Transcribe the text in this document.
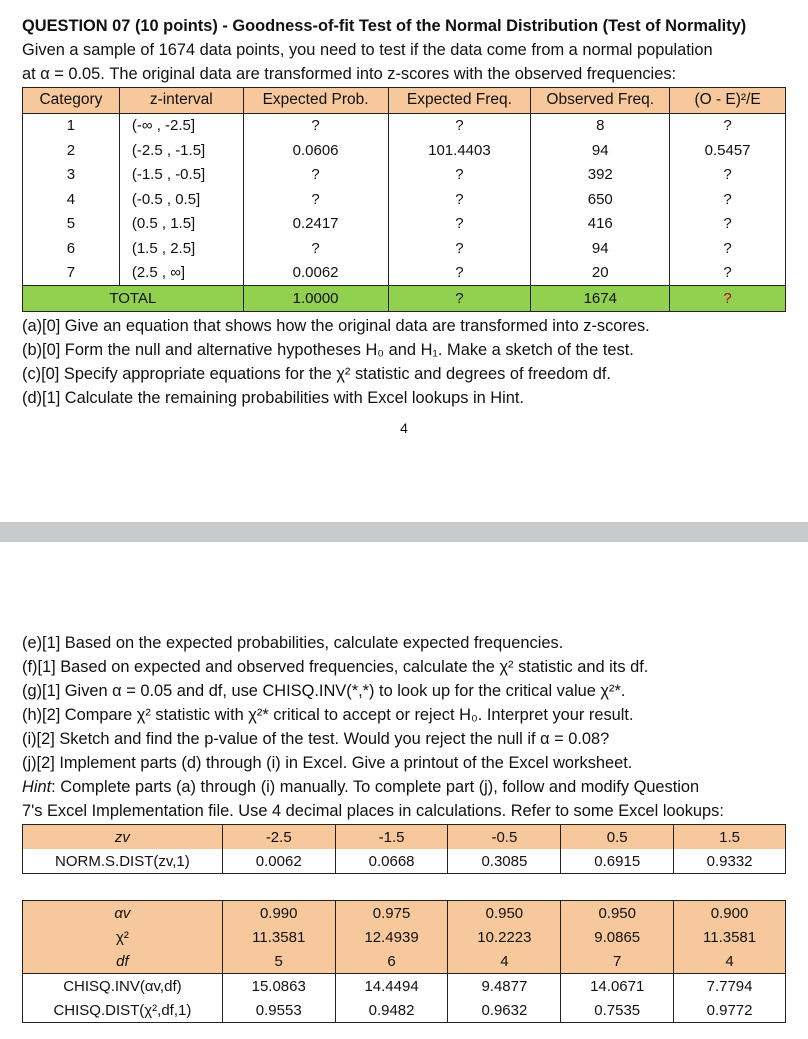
QUESTION 07 (10 points) - Goodness-of-fit Test of the Normal Distribution (Test of Normality)
Given a sample of 1674 data points, you need to test if the data come from a normal population
at α = 0.05. The original data are transformed into z-scores with the observed frequencies:
Category	z-interval	Expected Prob.	Expected Freq.	Observed Freq.	(O - E)²/E
1	(-∞ , -2.5]	?	?	8	?
2	(-2.5 , -1.5]	0.0606	101.4403	94	0.5457
3	(-1.5 , -0.5]	?	?	392	?
4	(-0.5 , 0.5]	?	?	650	?
5	(0.5 , 1.5]	0.2417	?	416	?
6	(1.5 , 2.5]	?	?	94	?
7	(2.5 , ∞]	0.0062	?	20	?
TOTAL		1.0000	?	1674	?
(a)[0] Give an equation that shows how the original data are transformed into z-scores.
(b)[0] Form the null and alternative hypotheses H₀ and H₁. Make a sketch of the test.
(c)[0] Specify appropriate equations for the χ² statistic and degrees of freedom df.
(d)[1] Calculate the remaining probabilities with Excel lookups in Hint.
4
(e)[1] Based on the expected probabilities, calculate expected frequencies.
(f)[1] Based on expected and observed frequencies, calculate the χ² statistic and its df.
(g)[1] Given α = 0.05 and df, use CHISQ.INV(*,*) to look up for the critical value χ²*.
(h)[2] Compare χ² statistic with χ²* critical to accept or reject H₀. Interpret your result.
(i)[2] Sketch and find the p-value of the test. Would you reject the null if α = 0.08?
(j)[2] Implement parts (d) through (i) in Excel. Give a printout of the Excel worksheet.
Hint: Complete parts (a) through (i) manually. To complete part (j), follow and modify Question
7's Excel Implementation file. Use 4 decimal places in calculations. Refer to some Excel lookups:
zv	-2.5	-1.5	-0.5	0.5	1.5
NORM.S.DIST(zv,1)	0.0062	0.0668	0.3085	0.6915	0.9332
αv	0.990	0.975	0.950	0.950	0.900
χ²	11.3581	12.4939	10.2223	9.0865	11.3581
df	5	6	4	7	4
CHISQ.INV(αv,df)	15.0863	14.4494	9.4877	14.0671	7.7794
CHISQ.DIST(χ²,df,1)	0.9553	0.9482	0.9632	0.7535	0.9772
